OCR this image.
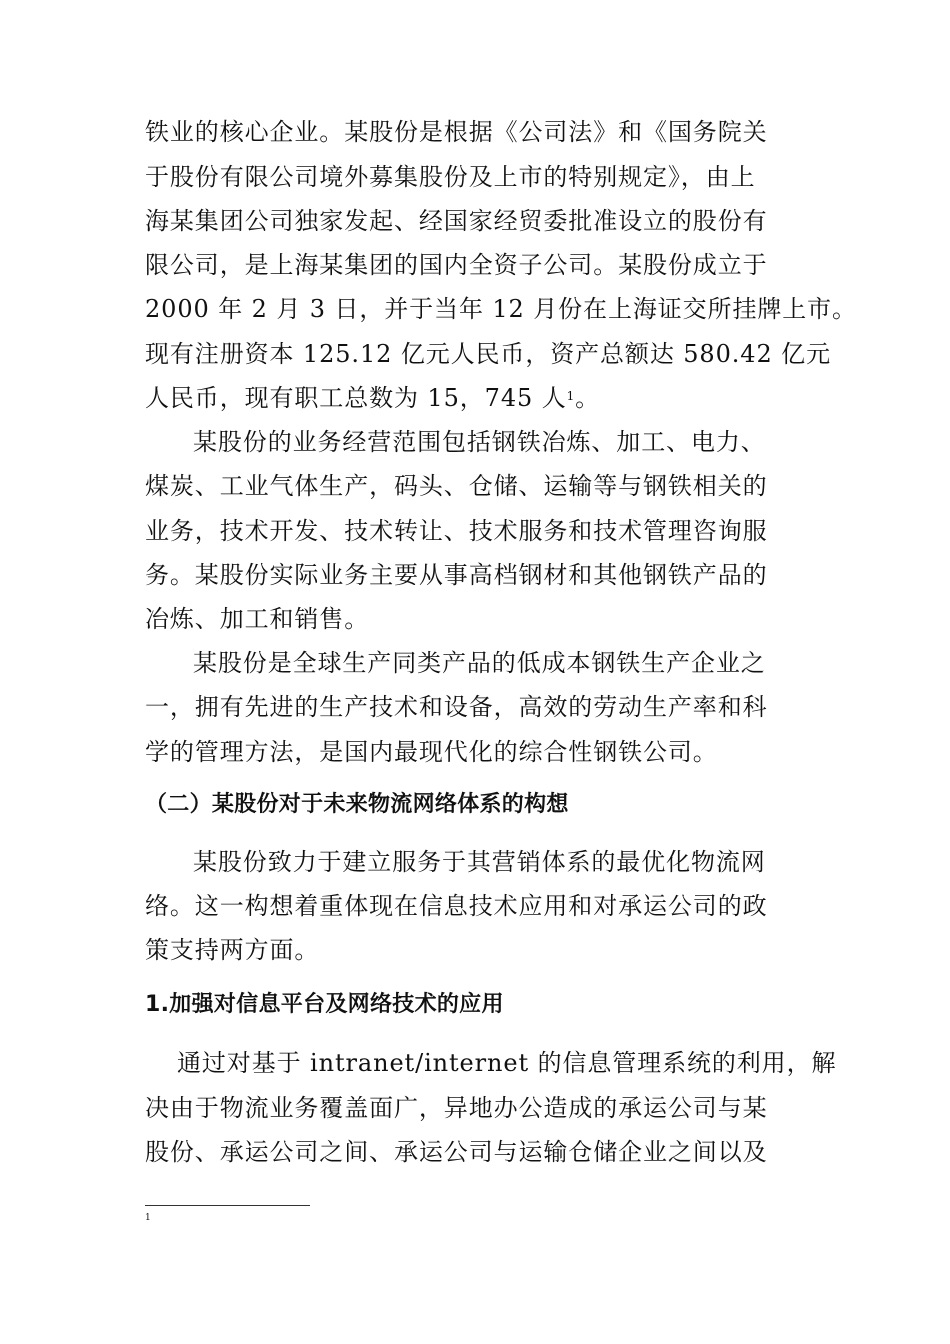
铁业的核心企业。某股份是根据《公司法》和《国务院关
于股份有限公司境外募集股份及上市的特别规定》，由上
海某集团公司独家发起、经国家经贸委批准设立的股份有
限公司，是上海某集团的国内全资子公司。某股份成立于
2000 年 2 月 3 日，并于当年 12 月份在上海证交所挂牌上市。
现有注册资本 125.12 亿元人民币，资产总额达 580.42 亿元
人民币，现有职工总数为 15，745 人$^1$。
某股份的业务经营范围包括钢铁冶炼、加工、电力、
煤炭、工业气体生产，码头、仓储、运输等与钢铁相关的
业务，技术开发、技术转让、技术服务和技术管理咨询服
务。某股份实际业务主要从事高档钢材和其他钢铁产品的
冶炼、加工和销售。
某股份是全球生产同类产品的低成本钢铁生产企业之
一，拥有先进的生产技术和设备，高效的劳动生产率和科
学的管理方法，是国内最现代化的综合性钢铁公司。
（二）某股份对于未来物流网络体系的构想
某股份致力于建立服务于其营销体系的最优化物流网
络。这一构想着重体现在信息技术应用和对承运公司的政
策支持两方面。
1.加强对信息平台及网络技术的应用
通过对基于 intranet/internet 的信息管理系统的利用，解
决由于物流业务覆盖面广，异地办公造成的承运公司与某
股份、承运公司之间、承运公司与运输仓储企业之间以及
1
